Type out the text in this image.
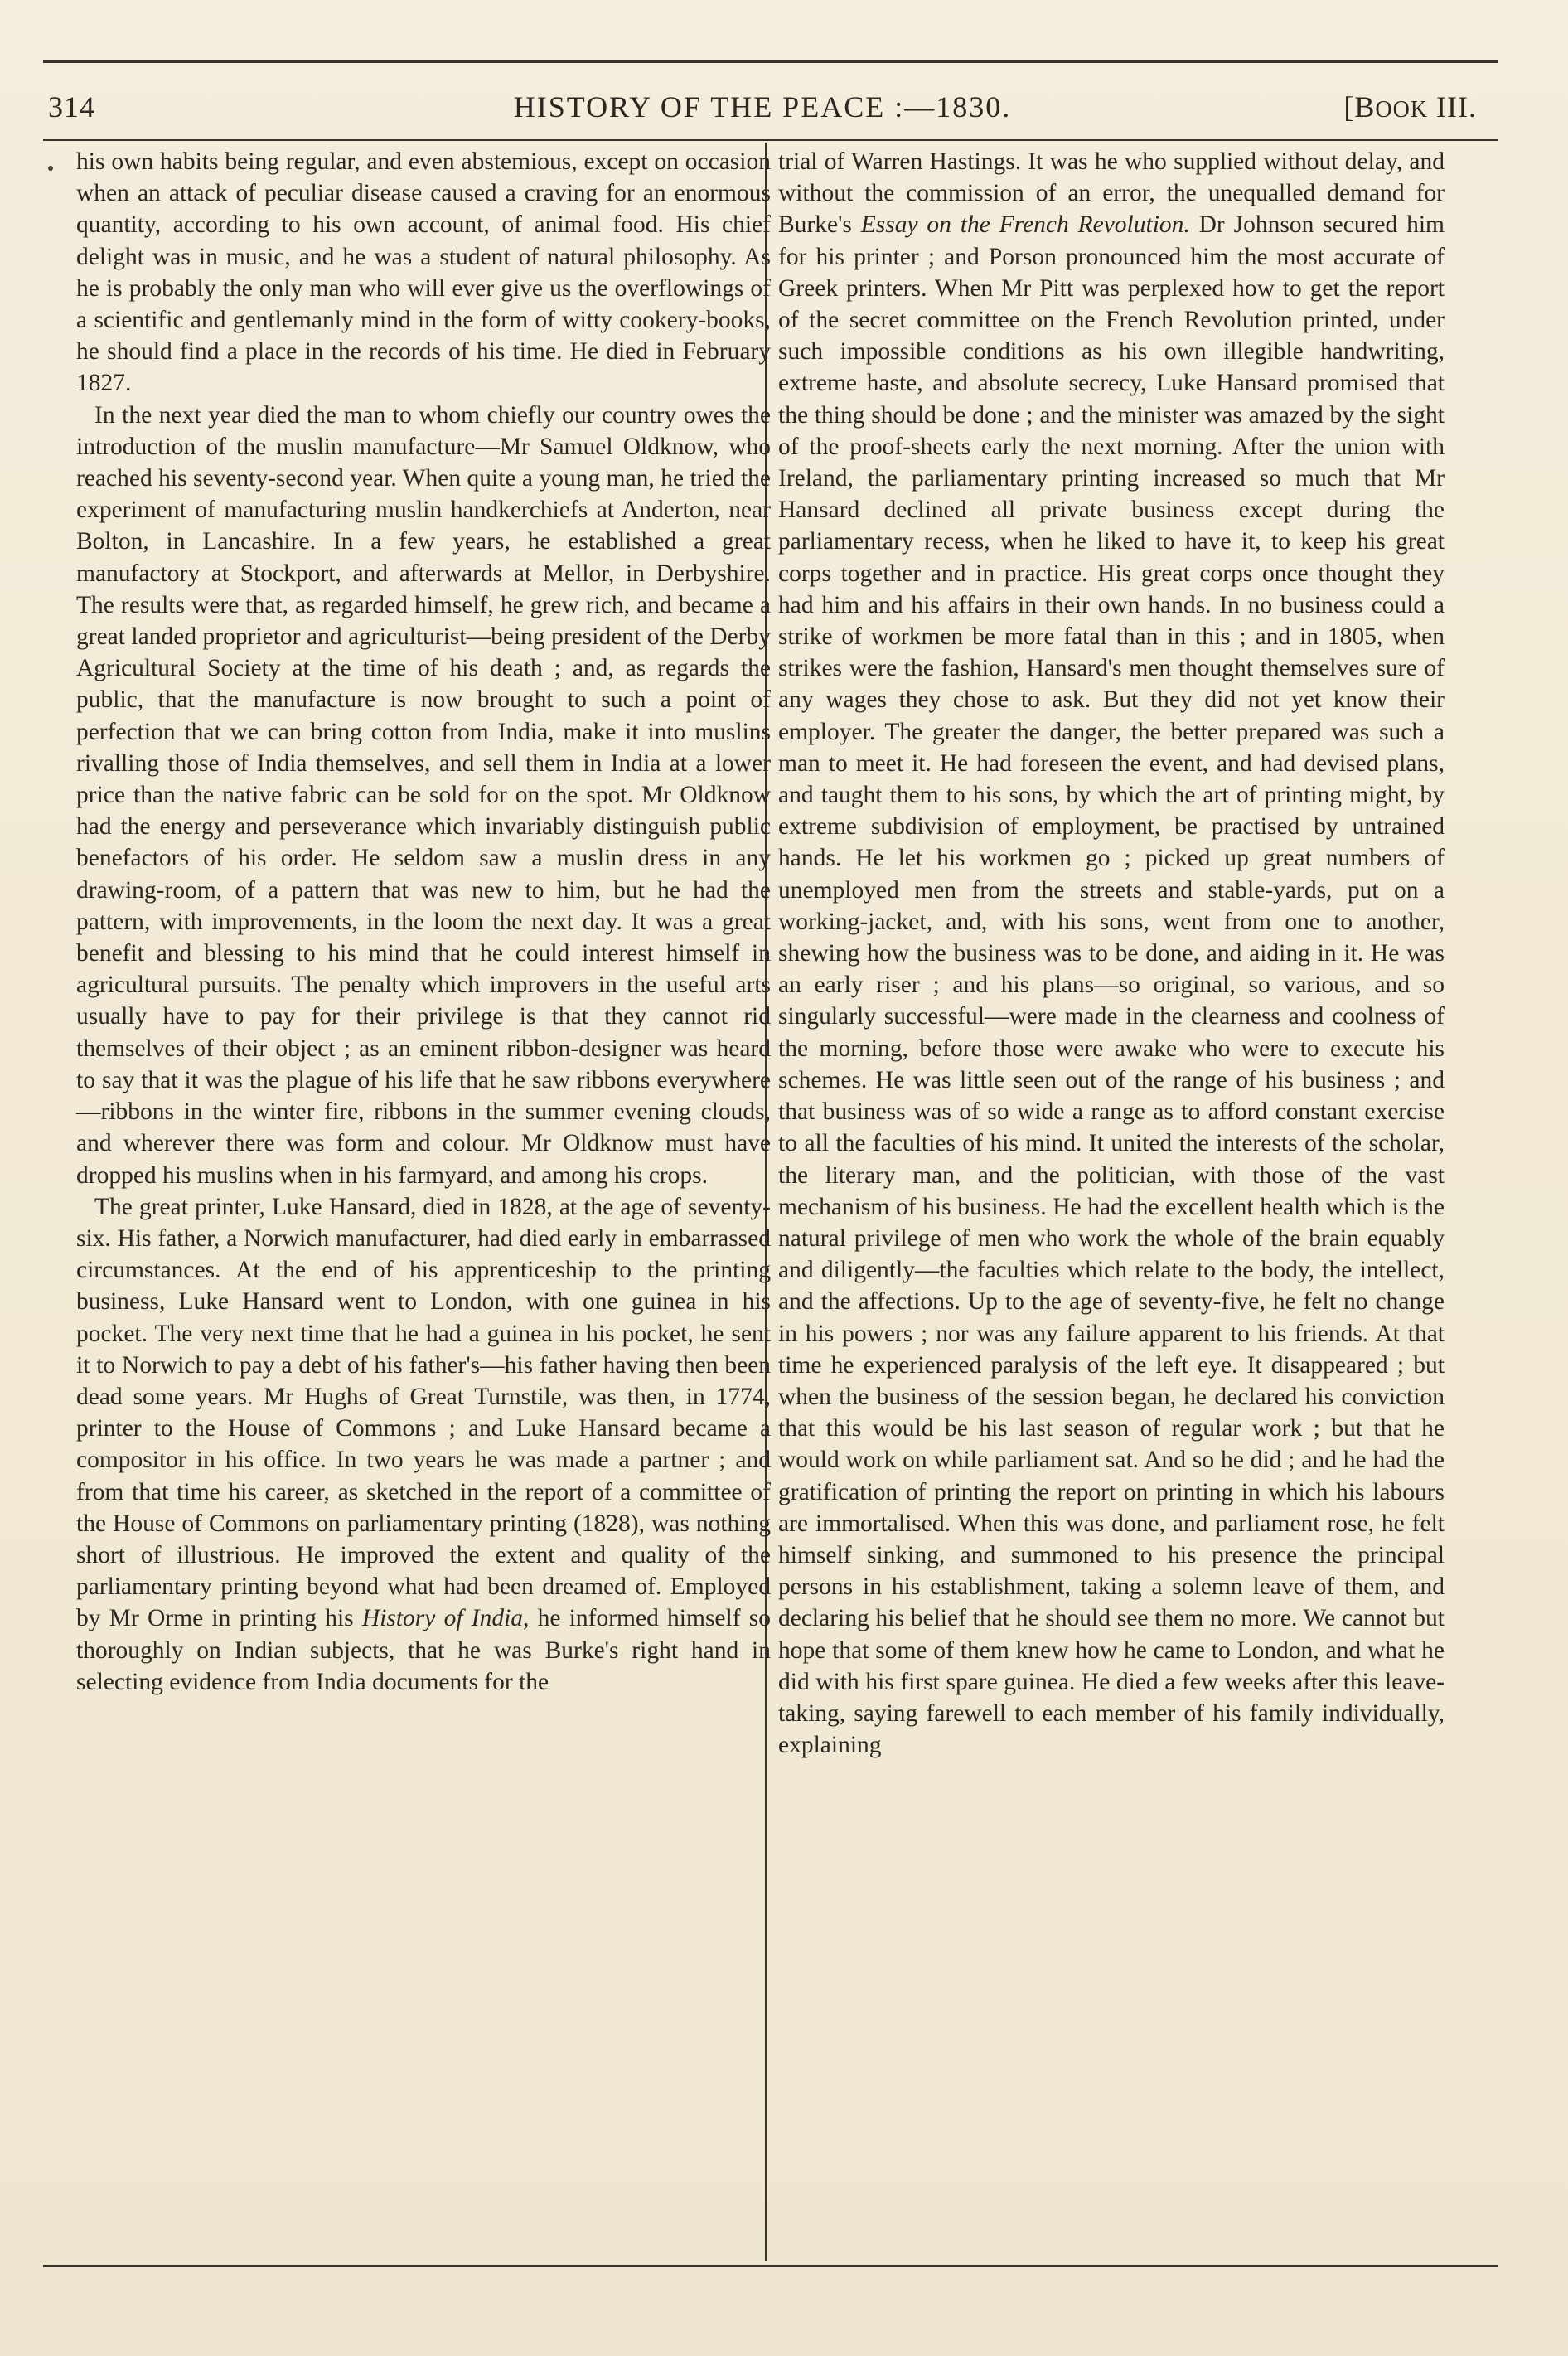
314	HISTORY OF THE PEACE :—1830.	[BOOK III.

his own habits being regular, and even abstemious, except on occasion when an attack of peculiar disease caused a craving for an enormous quantity, according to his own account, of animal food. His chief delight was in music, and he was a student of natural philosophy. As he is probably the only man who will ever give us the overflowings of a scientific and gentlemanly mind in the form of witty cookery-books, he should find a place in the records of his time. He died in February 1827.

In the next year died the man to whom chiefly our country owes the introduction of the muslin manufacture—Mr Samuel Oldknow, who reached his seventy-second year. When quite a young man, he tried the experiment of manufacturing muslin handkerchiefs at Anderton, near Bolton, in Lancashire. In a few years, he established a great manufactory at Stockport, and afterwards at Mellor, in Derbyshire. The results were that, as regarded himself, he grew rich, and became a great landed proprietor and agriculturist—being president of the Derby Agricultural Society at the time of his death ; and, as regards the public, that the manufacture is now brought to such a point of perfection that we can bring cotton from India, make it into muslins rivalling those of India themselves, and sell them in India at a lower price than the native fabric can be sold for on the spot. Mr Oldknow had the energy and perseverance which invariably distinguish public benefactors of his order. He seldom saw a muslin dress in any drawing-room, of a pattern that was new to him, but he had the pattern, with improvements, in the loom the next day. It was a great benefit and blessing to his mind that he could interest himself in agricultural pursuits. The penalty which improvers in the useful arts usually have to pay for their privilege is that they cannot rid themselves of their object ; as an eminent ribbon-designer was heard to say that it was the plague of his life that he saw ribbons everywhere—ribbons in the winter fire, ribbons in the summer evening clouds, and wherever there was form and colour. Mr Oldknow must have dropped his muslins when in his farmyard, and among his crops.

The great printer, Luke Hansard, died in 1828, at the age of seventy-six. His father, a Norwich manufacturer, had died early in embarrassed circumstances. At the end of his apprenticeship to the printing business, Luke Hansard went to London, with one guinea in his pocket. The very next time that he had a guinea in his pocket, he sent it to Norwich to pay a debt of his father's—his father having then been dead some years. Mr Hughs of Great Turnstile, was then, in 1774, printer to the House of Commons ; and Luke Hansard became a compositor in his office. In two years he was made a partner ; and from that time his career, as sketched in the report of a committee of the House of Commons on parliamentary printing (1828), was nothing short of illustrious. He improved the extent and quality of the parliamentary printing beyond what had been dreamed of. Employed by Mr Orme in printing his History of India, he informed himself so thoroughly on Indian subjects, that he was Burke's right hand in selecting evidence from India documents for the

trial of Warren Hastings. It was he who supplied without delay, and without the commission of an error, the unequalled demand for Burke's Essay on the French Revolution. Dr Johnson secured him for his printer ; and Porson pronounced him the most accurate of Greek printers. When Mr Pitt was perplexed how to get the report of the secret committee on the French Revolution printed, under such impossible conditions as his own illegible handwriting, extreme haste, and absolute secrecy, Luke Hansard promised that the thing should be done ; and the minister was amazed by the sight of the proof-sheets early the next morning. After the union with Ireland, the parliamentary printing increased so much that Mr Hansard declined all private business except during the parliamentary recess, when he liked to have it, to keep his great corps together and in practice. His great corps once thought they had him and his affairs in their own hands. In no business could a strike of workmen be more fatal than in this ; and in 1805, when strikes were the fashion, Hansard's men thought themselves sure of any wages they chose to ask. But they did not yet know their employer. The greater the danger, the better prepared was such a man to meet it. He had foreseen the event, and had devised plans, and taught them to his sons, by which the art of printing might, by extreme subdivision of employment, be practised by untrained hands. He let his workmen go ; picked up great numbers of unemployed men from the streets and stable-yards, put on a working-jacket, and, with his sons, went from one to another, shewing how the business was to be done, and aiding in it. He was an early riser ; and his plans—so original, so various, and so singularly successful—were made in the clearness and coolness of the morning, before those were awake who were to execute his schemes. He was little seen out of the range of his business ; and that business was of so wide a range as to afford constant exercise to all the faculties of his mind. It united the interests of the scholar, the literary man, and the politician, with those of the vast mechanism of his business. He had the excellent health which is the natural privilege of men who work the whole of the brain equably and diligently—the faculties which relate to the body, the intellect, and the affections. Up to the age of seventy-five, he felt no change in his powers ; nor was any failure apparent to his friends. At that time he experienced paralysis of the left eye. It disappeared ; but when the business of the session began, he declared his conviction that this would be his last season of regular work ; but that he would work on while parliament sat. And so he did ; and he had the gratification of printing the report on printing in which his labours are immortalised. When this was done, and parliament rose, he felt himself sinking, and summoned to his presence the principal persons in his establishment, taking a solemn leave of them, and declaring his belief that he should see them no more. We cannot but hope that some of them knew how he came to London, and what he did with his first spare guinea. He died a few weeks after this leave-taking, saying farewell to each member of his family individually, explaining
